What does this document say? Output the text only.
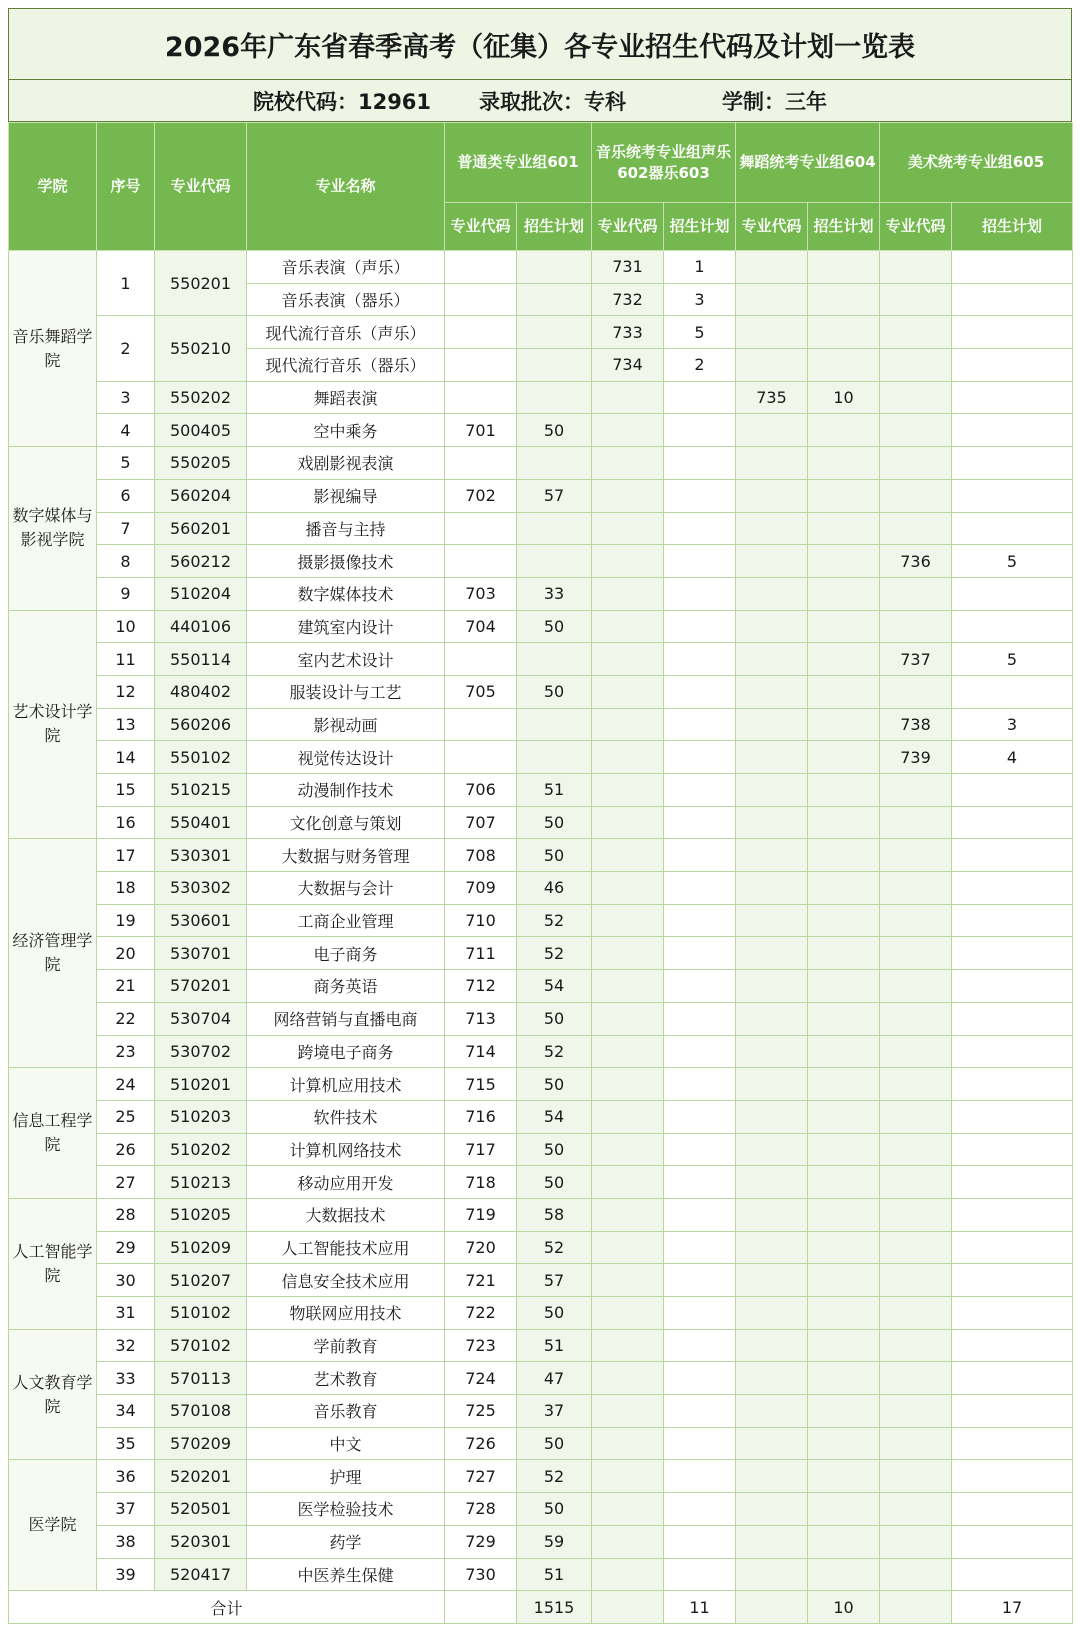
2026年广东省春季高考（征集）各专业招生代码及计划一览表
院校代码：12961 录取批次：专科	学制：三年
学院	序号	专业代码	专业名称	普通类专业组601		音乐统考专业组声乐602器乐603		舞蹈统考专业组604		美术统考专业组605	
				专业代码	招生计划	专业代码	招生计划	专业代码	招生计划	专业代码	招生计划
音乐舞蹈学院	1	550201	音乐表演（声乐）			731	1				
			音乐表演（器乐）			732	3				
	2	550210	现代流行音乐（声乐）			733	5				
			现代流行音乐（器乐）			734	2				
	3	550202	舞蹈表演					735	10		
	4	500405	空中乘务	701	50						
数字媒体与影视学院	5	550205	戏剧影视表演								
	6	560204	影视编导	702	57						
	7	560201	播音与主持								
	8	560212	摄影摄像技术							736	5
	9	510204	数字媒体技术	703	33						
艺术设计学院	10	440106	建筑室内设计	704	50						
	11	550114	室内艺术设计							737	5
	12	480402	服装设计与工艺	705	50						
	13	560206	影视动画							738	3
	14	550102	视觉传达设计							739	4
	15	510215	动漫制作技术	706	51						
	16	550401	文化创意与策划	707	50						
经济管理学院	17	530301	大数据与财务管理	708	50						
	18	530302	大数据与会计	709	46						
	19	530601	工商企业管理	710	52						
	20	530701	电子商务	711	52						
	21	570201	商务英语	712	54						
	22	530704	网络营销与直播电商	713	50						
	23	530702	跨境电子商务	714	52						
信息工程学院	24	510201	计算机应用技术	715	50						
	25	510203	软件技术	716	54						
	26	510202	计算机网络技术	717	50						
	27	510213	移动应用开发	718	50						
人工智能学院	28	510205	大数据技术	719	58						
	29	510209	人工智能技术应用	720	52						
	30	510207	信息安全技术应用	721	57						
	31	510102	物联网应用技术	722	50						
人文教育学院	32	570102	学前教育	723	51						
	33	570113	艺术教育	724	47						
	34	570108	音乐教育	725	37						
	35	570209	中文	726	50						
医学院	36	520201	护理	727	52						
	37	520501	医学检验技术	728	50						
	38	520301	药学	729	59						
	39	520417	中医养生保健	730	51						
合计					1515		11		10		17
